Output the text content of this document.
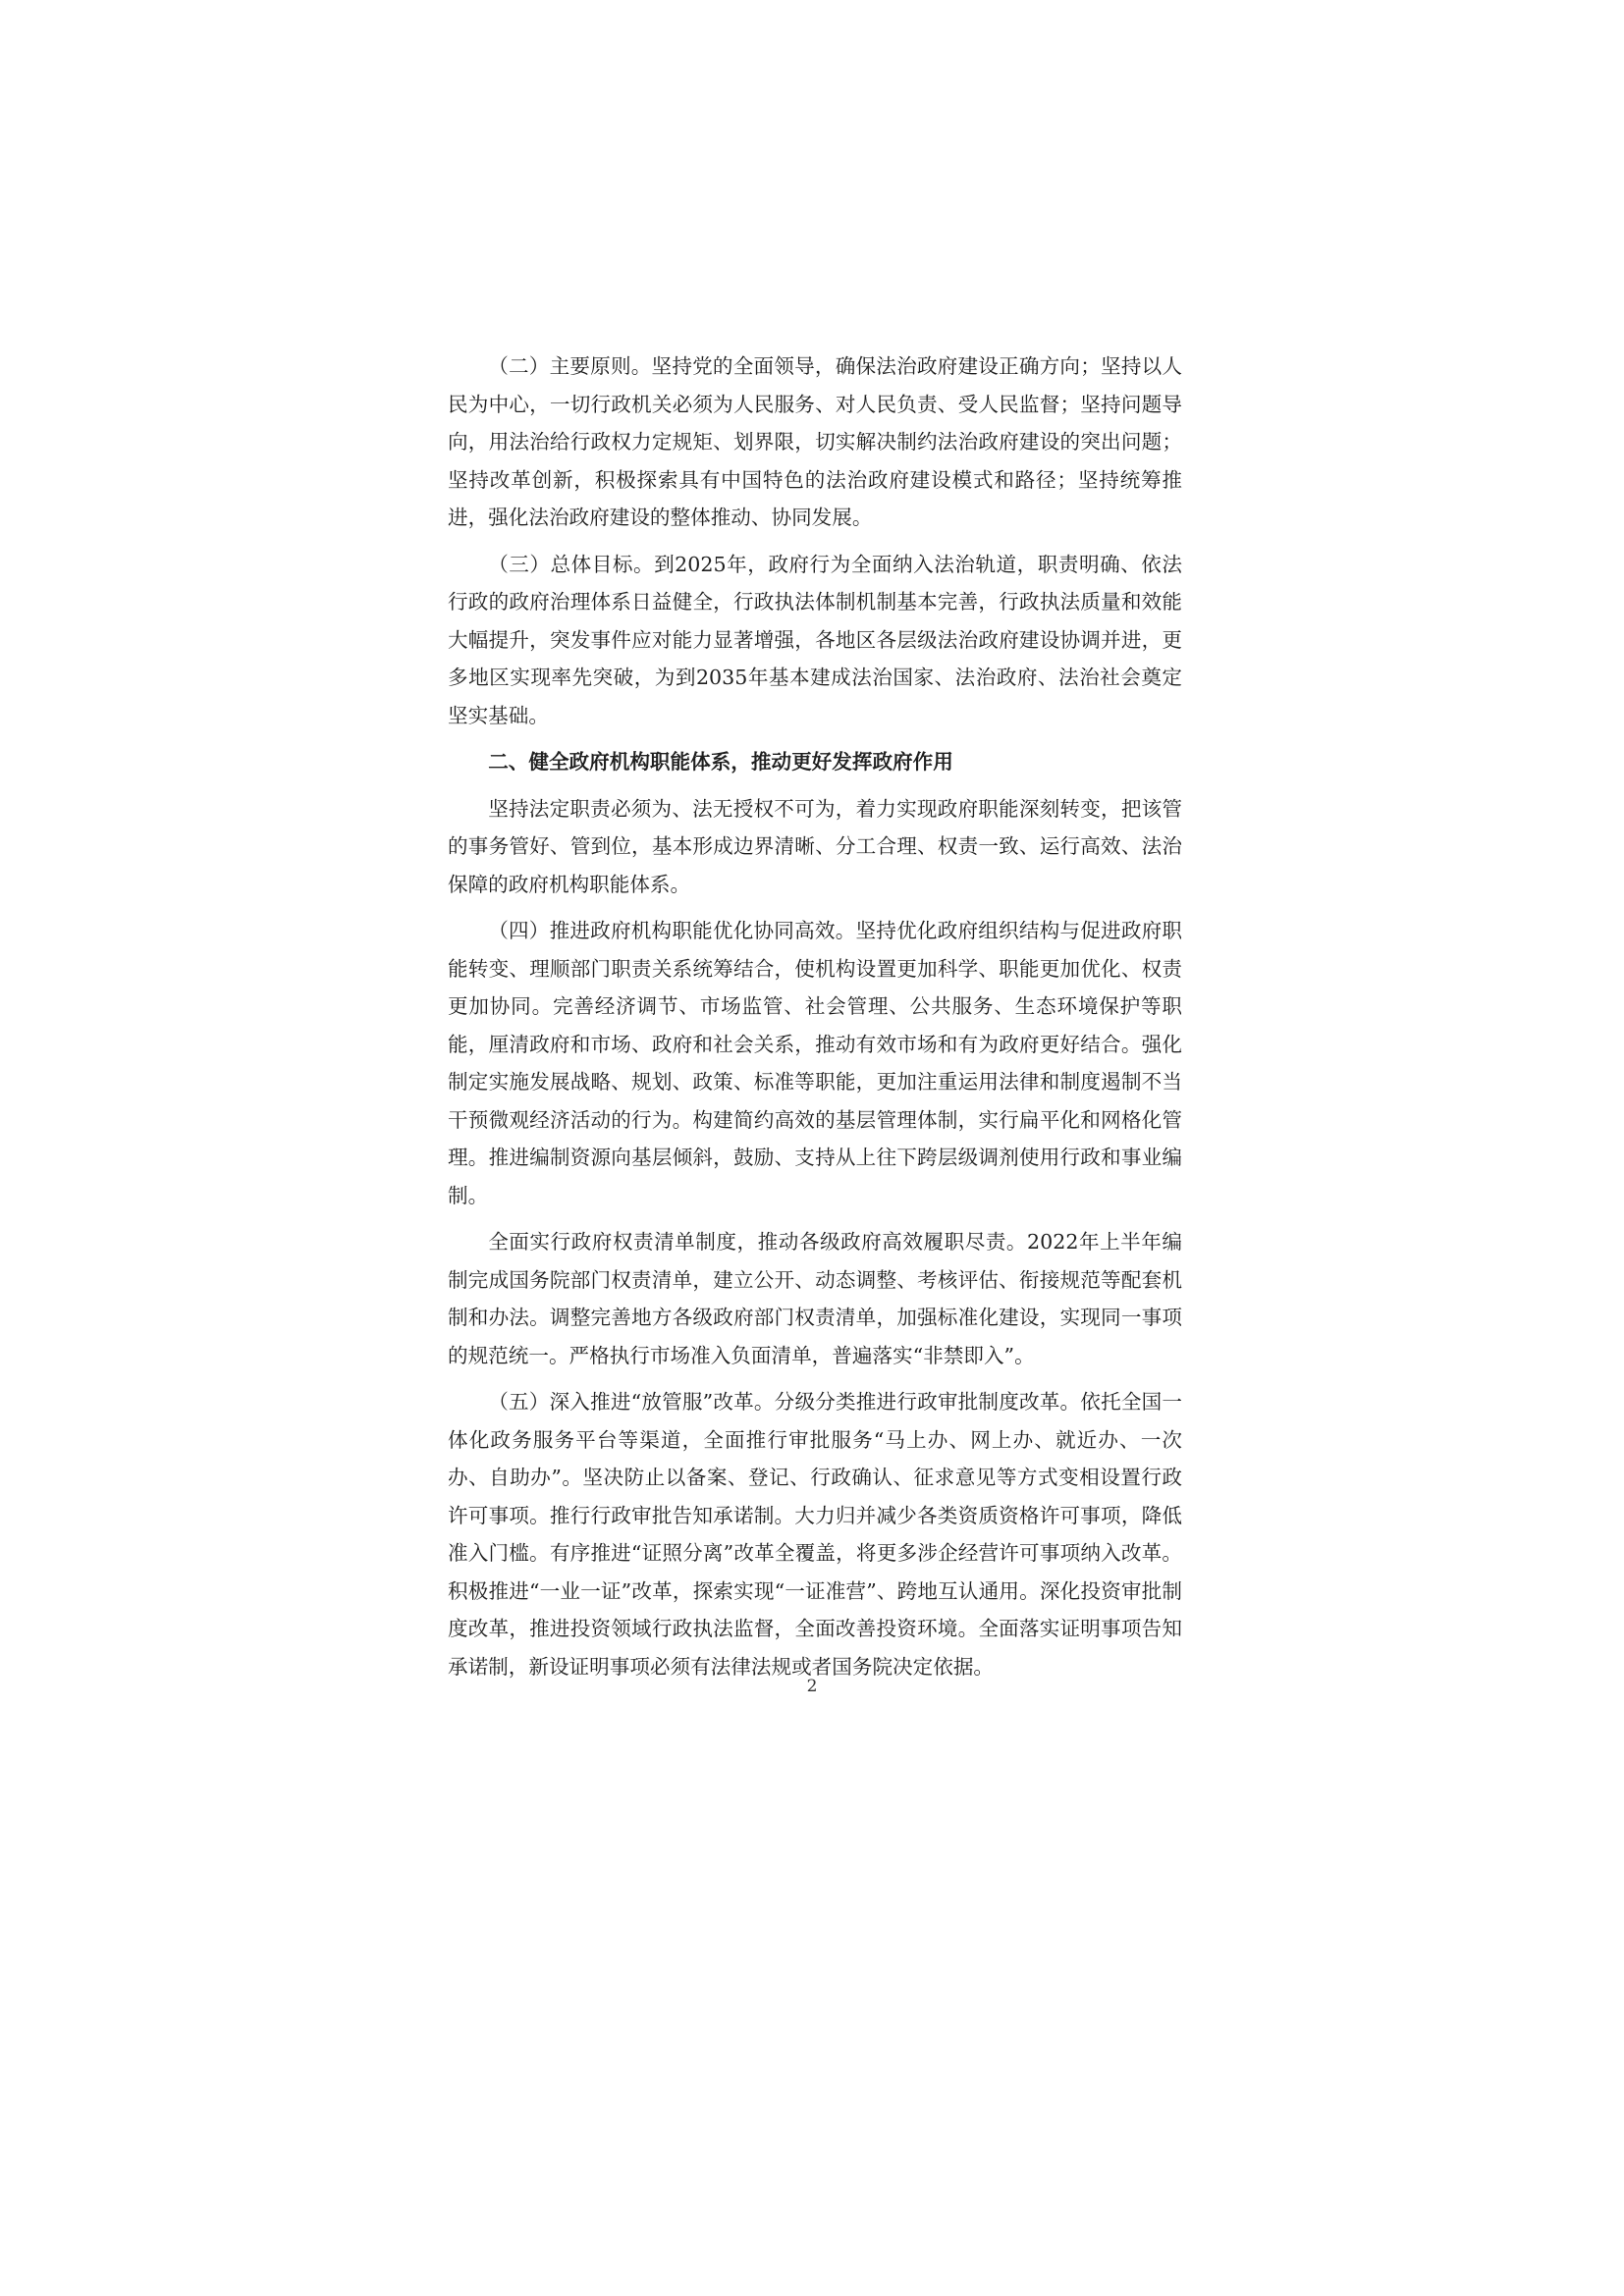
（二）主要原则。坚持党的全面领导，确保法治政府建设正确方向；坚持以人民为中心，一切行政机关必须为人民服务、对人民负责、受人民监督；坚持问题导向，用法治给行政权力定规矩、划界限，切实解决制约法治政府建设的突出问题；坚持改革创新，积极探索具有中国特色的法治政府建设模式和路径；坚持统筹推进，强化法治政府建设的整体推动、协同发展。

（三）总体目标。到2025年，政府行为全面纳入法治轨道，职责明确、依法行政的政府治理体系日益健全，行政执法体制机制基本完善，行政执法质量和效能大幅提升，突发事件应对能力显著增强，各地区各层级法治政府建设协调并进，更多地区实现率先突破，为到2035年基本建成法治国家、法治政府、法治社会奠定坚实基础。

二、健全政府机构职能体系，推动更好发挥政府作用

坚持法定职责必须为、法无授权不可为，着力实现政府职能深刻转变，把该管的事务管好、管到位，基本形成边界清晰、分工合理、权责一致、运行高效、法治保障的政府机构职能体系。

（四）推进政府机构职能优化协同高效。坚持优化政府组织结构与促进政府职能转变、理顺部门职责关系统筹结合，使机构设置更加科学、职能更加优化、权责更加协同。完善经济调节、市场监管、社会管理、公共服务、生态环境保护等职能，厘清政府和市场、政府和社会关系，推动有效市场和有为政府更好结合。强化制定实施发展战略、规划、政策、标准等职能，更加注重运用法律和制度遏制不当干预微观经济活动的行为。构建简约高效的基层管理体制，实行扁平化和网格化管理。推进编制资源向基层倾斜，鼓励、支持从上往下跨层级调剂使用行政和事业编制。

全面实行政府权责清单制度，推动各级政府高效履职尽责。2022年上半年编制完成国务院部门权责清单，建立公开、动态调整、考核评估、衔接规范等配套机制和办法。调整完善地方各级政府部门权责清单，加强标准化建设，实现同一事项的规范统一。严格执行市场准入负面清单，普遍落实“非禁即入”。

（五）深入推进“放管服”改革。分级分类推进行政审批制度改革。依托全国一体化政务服务平台等渠道，全面推行审批服务“马上办、网上办、就近办、一次办、自助办”。坚决防止以备案、登记、行政确认、征求意见等方式变相设置行政许可事项。推行行政审批告知承诺制。大力归并减少各类资质资格许可事项，降低准入门槛。有序推进“证照分离”改革全覆盖，将更多涉企经营许可事项纳入改革。积极推进“一业一证”改革，探索实现“一证准营”、跨地互认通用。深化投资审批制度改革，推进投资领域行政执法监督，全面改善投资环境。全面落实证明事项告知承诺制，新设证明事项必须有法律法规或者国务院决定依据。

2
